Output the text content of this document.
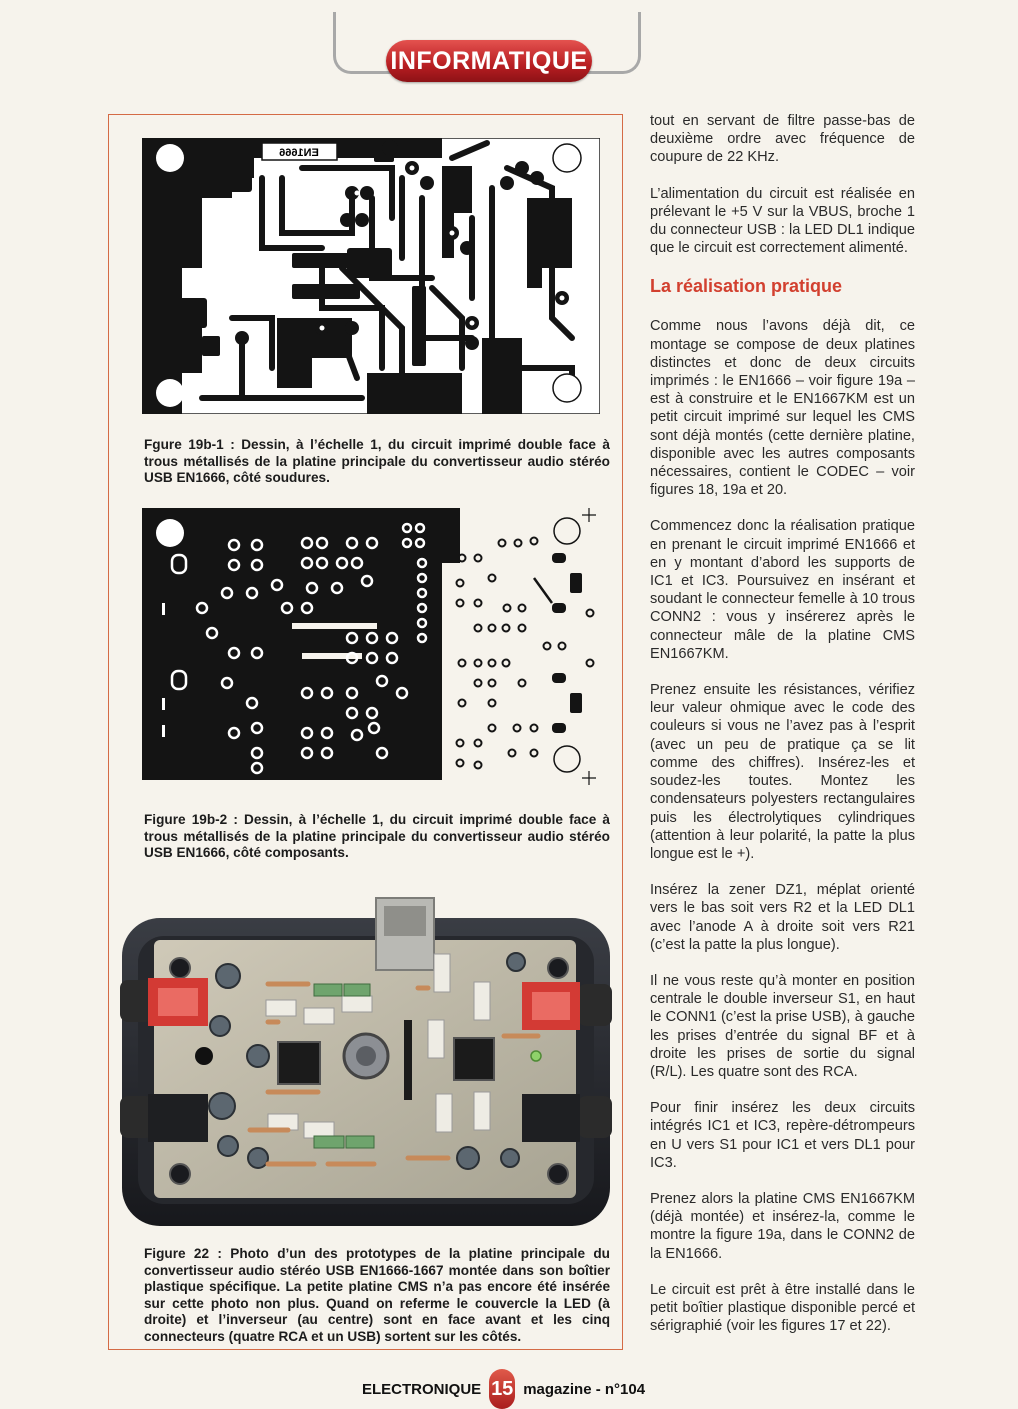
INFORMATIQUE
EN1666
Fgure 19b-1 : Dessin, à l’échelle 1, du circuit imprimé double face à trous métallisés de la platine principale du convertisseur audio stéréo USB EN1666, côté soudures.
Figure 19b-2 : Dessin, à l’échelle 1, du circuit imprimé double face à trous métallisés de la platine principale du convertisseur audio stéréo USB EN1666, côté composants.
Figure 22 : Photo d’un des prototypes de la platine principale du convertisseur audio stéréo USB EN1666-1667 montée dans son boîtier plastique spécifique. La petite platine CMS n’a pas encore été insérée sur cette photo non plus. Quand on referme le couvercle la LED (à droite) et l’inverseur (au centre) sont en face avant et les cinq connecteurs (quatre RCA et un USB) sortent sur les côtés.

tout en servant de filtre passe-bas de deuxième ordre avec fréquence de coupure de 22 KHz.

L’alimentation du circuit est réalisée en prélevant le +5 V sur la VBUS, broche 1 du connecteur USB : la LED DL1 indique que le circuit est correctement alimenté.

La réalisation pratique

Comme nous l’avons déjà dit, ce montage se compose de deux platines distinctes et donc de deux circuits imprimés : le EN1666 – voir figure 19a – est à construire et le EN1667KM est un petit circuit imprimé sur lequel les CMS sont déjà montés (cette dernière platine, disponible avec les autres composants nécessaires, contient le CODEC – voir figures 18, 19a et 20.

Commencez donc la réalisation pratique en prenant le circuit imprimé EN1666 et en y montant d’abord les supports de IC1 et IC3. Poursuivez en insérant et soudant le connecteur femelle à 10 trous CONN2 : vous y insérerez après le connecteur mâle de la platine CMS EN1667KM.

Prenez ensuite les résistances, vérifiez leur valeur ohmique avec le code des couleurs si vous ne l’avez pas à l’esprit (avec un peu de pratique ça se lit comme des chiffres). Insérez-les et soudez-les toutes. Montez les condensateurs polyesters rectangulaires puis les électrolytiques cylindriques (attention à leur polarité, la patte la plus longue est le +).

Insérez la zener DZ1, méplat orienté vers le bas soit vers R2 et la LED DL1 avec l’anode A à droite soit vers R21 (c’est la patte la plus longue).

Il ne vous reste qu’à monter en position centrale le double inverseur S1, en haut le CONN1 (c’est la prise USB), à gauche les prises d’entrée du signal BF et à droite les prises de sortie du signal (R/L). Les quatre sont des RCA.

Pour finir insérez les deux circuits intégrés IC1 et IC3, repère-détrompeurs en U vers S1 pour IC1 et vers DL1 pour IC3.

Prenez alors la platine CMS EN1667KM (déjà montée) et insérez-la, comme le montre la figure 19a, dans le CONN2 de la EN1666.

Le circuit est prêt à être installé dans le petit boîtier plastique disponible percé et sérigraphié (voir les figures 17 et 22).

ELECTRONIQUE 15 magazine - n°104
